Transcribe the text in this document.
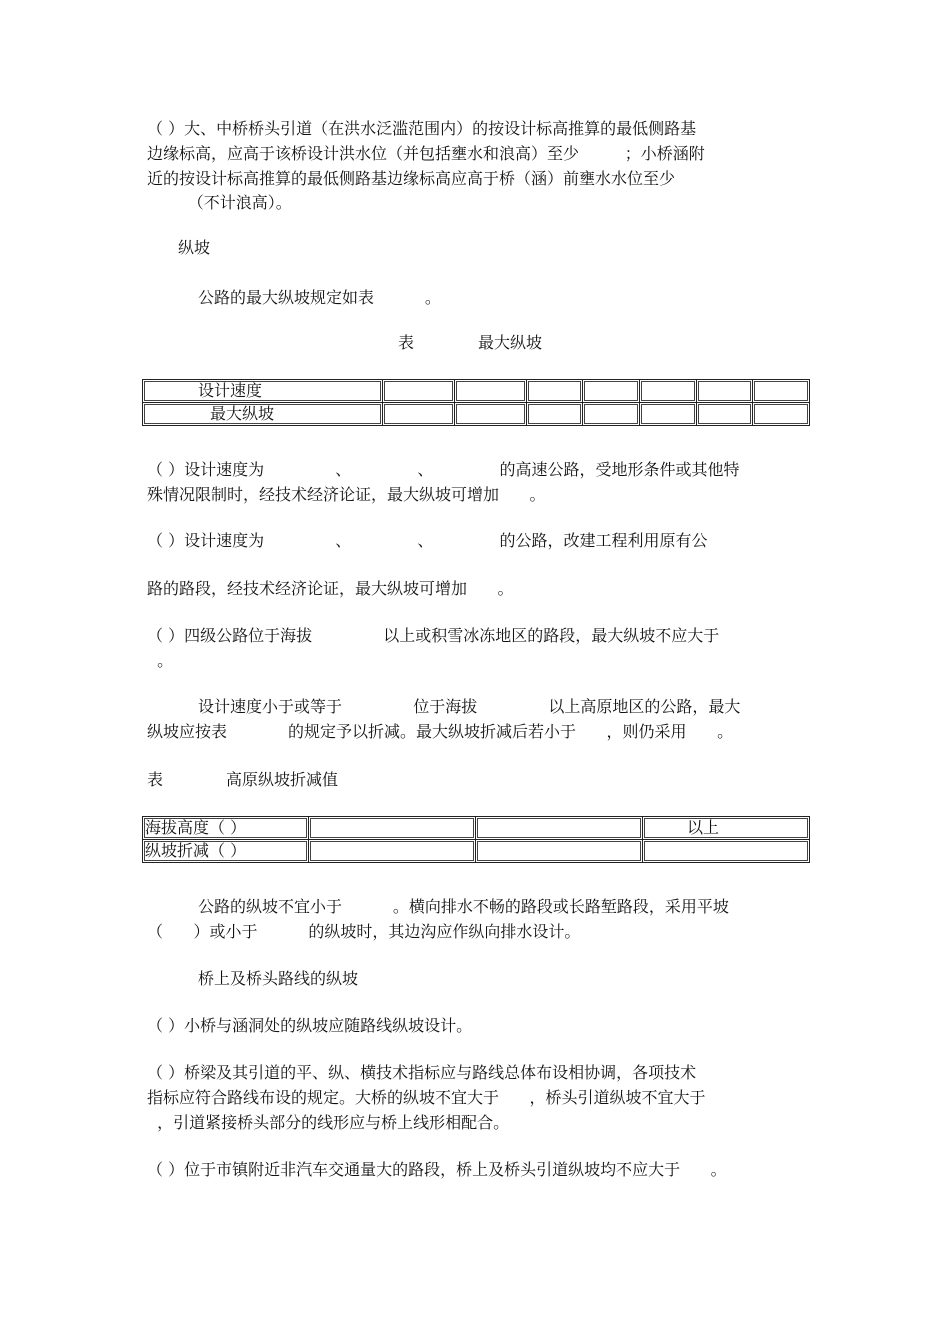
（ ）大、中桥桥头引道（在洪水泛滥范围内）的按设计标高推算的最低侧路基
边缘标高，应高于该桥设计洪水位（并包括壅水和浪高）至少         ；小桥涵附
近的按设计标高推算的最低侧路基边缘标高应高于桥（涵）前壅水水位至少
（不计浪高）。
纵坡
公路的最大纵坡规定如表          。
表	最大纵坡
设计速度							
最大纵坡							
（ ）设计速度为              、             、             的高速公路，受地形条件或其他特
殊情况限制时，经技术经济论证，最大纵坡可增加      。
（ ）设计速度为              、             、             的公路，改建工程利用原有公
路的路段，经技术经济论证，最大纵坡可增加      。
（ ）四级公路位于海拔              以上或积雪冰冻地区的路段，最大纵坡不应大于
。
设计速度小于或等于              位于海拔              以上高原地区的公路，最大
纵坡应按表            的规定予以折减。最大纵坡折减后若小于      ，则仍采用      。
表	高原纵坡折减值
海拔高度（ ）			以上
纵坡折减（ ）			
公路的纵坡不宜小于          。横向排水不畅的路段或长路堑路段，采用平坡
（      ）或小于          的纵坡时，其边沟应作纵向排水设计。
桥上及桥头路线的纵坡
（ ）小桥与涵洞处的纵坡应随路线纵坡设计。
（ ）桥梁及其引道的平、纵、横技术指标应与路线总体布设相协调，各项技术
指标应符合路线布设的规定。大桥的纵坡不宜大于      ，桥头引道纵坡不宜大于
，引道紧接桥头部分的线形应与桥上线形相配合。
（ ）位于市镇附近非汽车交通量大的路段，桥上及桥头引道纵坡均不应大于      。
